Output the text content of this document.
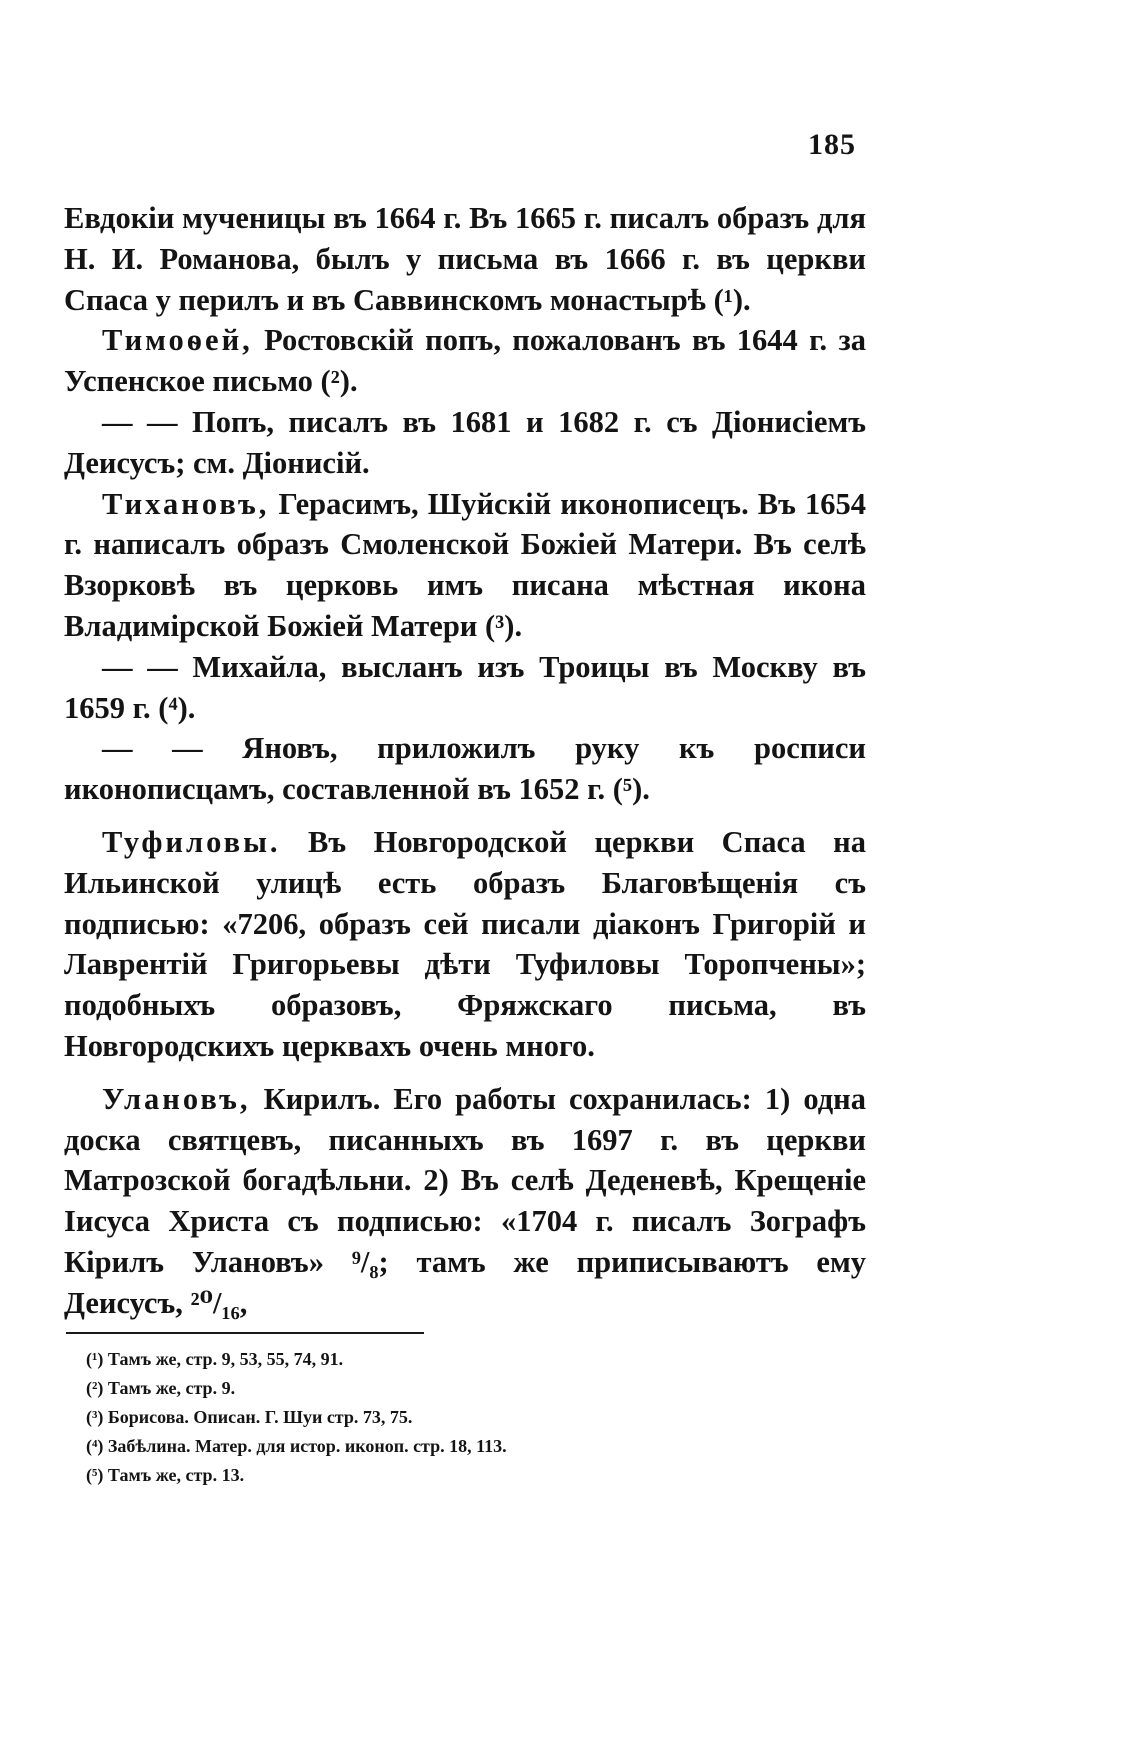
185

Евдокіи мученицы въ 1664 г. Въ 1665 г. писалъ образъ для Н. И. Романова, былъ у письма въ 1666 г. въ церкви Спаса у перилъ и въ Саввинскомъ монастырѣ (¹).

Тимоѳей, Ростовскій попъ, пожалованъ въ 1644 г. за Успенское письмо (²).

— — Попъ, писалъ въ 1681 и 1682 г. съ Діонисіемъ Деисусъ; см. Діонисій.

Тихановъ, Герасимъ, Шуйскій иконописецъ. Въ 1654 г. написалъ образъ Смоленской Божіей Матери. Въ селѣ Взорковѣ въ церковь имъ писана мѣстная икона Владимірской Божіей Матери (³).

— — Михайла, высланъ изъ Троицы въ Москву въ 1659 г. (⁴).

— — Яновъ, приложилъ руку къ росписи иконописцамъ, составленной въ 1652 г. (⁵).

Туфиловы. Въ Новгородской церкви Спаса на Ильинской улицѣ есть образъ Благовѣщенія съ подписью: «7206, образъ сей писали діаконъ Григорій и Лаврентій Григорьевы дѣти Туфиловы Торопчены»; подобныхъ образовъ, Фряжскаго письма, въ Новгородскихъ церквахъ очень много.

Улановъ, Кирилъ. Его работы сохранилась: 1) одна доска святцевъ, писанныхъ въ 1697 г. въ церкви Матрозской богадѣльни. 2) Въ селѣ Деденевѣ, Крещеніе Іисуса Христа съ подписью: «1704 г. писалъ Зографъ Кірилъ Улановъ» ⁹/₈; тамъ же приписываютъ ему Деисусъ, ²⁰/₁₆,

(¹) Тамъ же, стр. 9, 53, 55, 74, 91.
(²) Тамъ же, стр. 9.
(³) Борисова. Описан. Г. Шуи стр. 73, 75.
(⁴) Забѣлина. Матер. для истор. иконоп. стр. 18, 113.
(⁵) Тамъ же, стр. 13.
